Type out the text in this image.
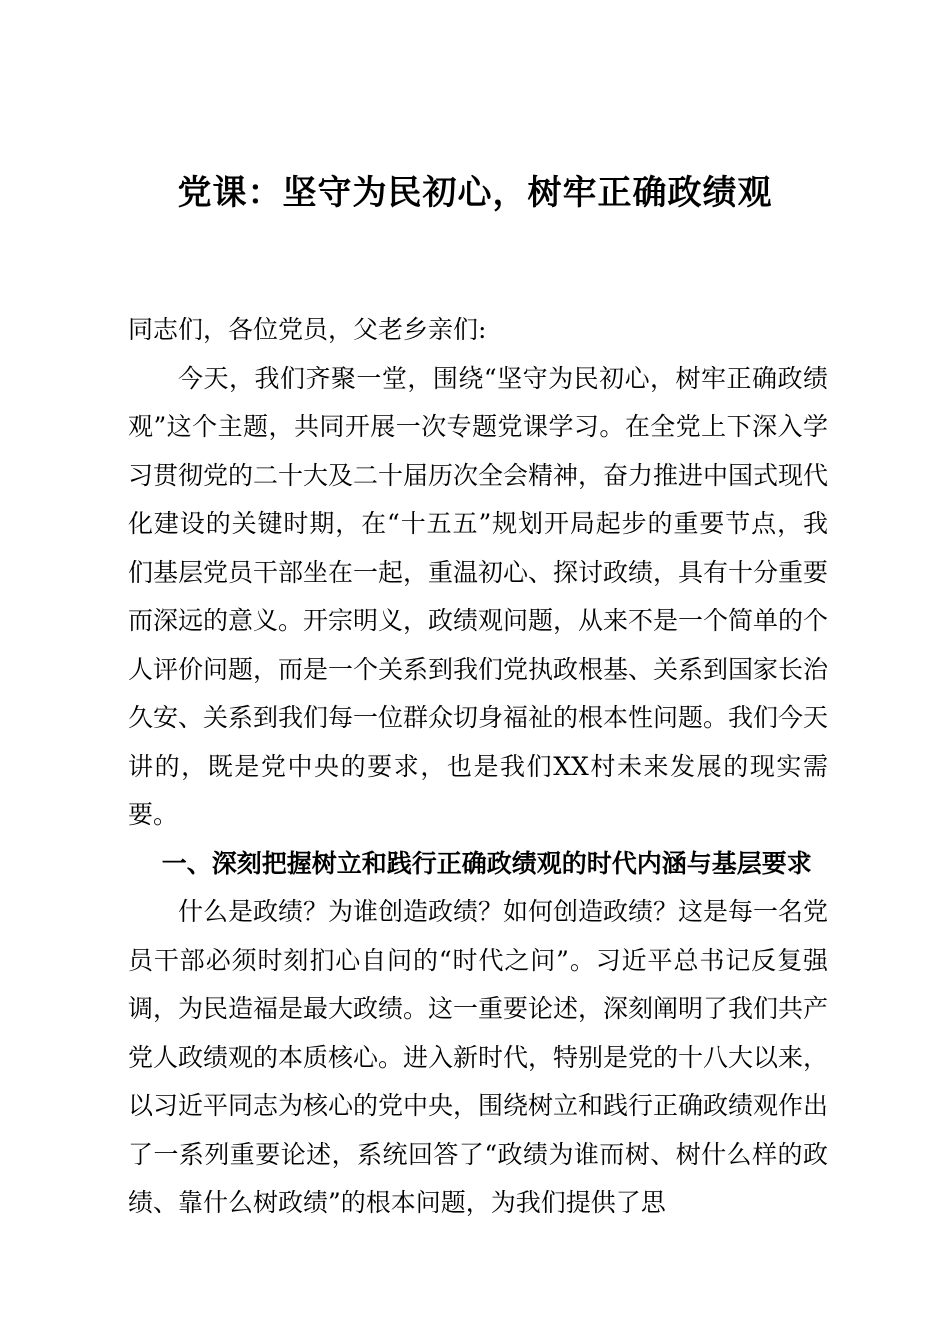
党课：坚守为民初心，树牢正确政绩观

同志们，各位党员，父老乡亲们:

今天，我们齐聚一堂，围绕“坚守为民初心，树牢正确政绩观”这个主题，共同开展一次专题党课学习。在全党上下深入学习贯彻党的二十大及二十届历次全会精神，奋力推进中国式现代化建设的关键时期，在“十五五”规划开局起步的重要节点，我们基层党员干部坐在一起，重温初心、探讨政绩，具有十分重要而深远的意义。开宗明义，政绩观问题，从来不是一个简单的个人评价问题，而是一个关系到我们党执政根基、关系到国家长治久安、关系到我们每一位群众切身福祉的根本性问题。我们今天讲的，既是党中央的要求，也是我们XX村未来发展的现实需要。

一、深刻把握树立和践行正确政绩观的时代内涵与基层要求

什么是政绩？为谁创造政绩？如何创造政绩？这是每一名党员干部必须时刻扪心自问的“时代之问”。习近平总书记反复强调，为民造福是最大政绩。这一重要论述，深刻阐明了我们共产党人政绩观的本质核心。进入新时代，特别是党的十八大以来，以习近平同志为核心的党中央，围绕树立和践行正确政绩观作出了一系列重要论述，系统回答了“政绩为谁而树、树什么样的政绩、靠什么树政绩”的根本问题，为我们提供了思
